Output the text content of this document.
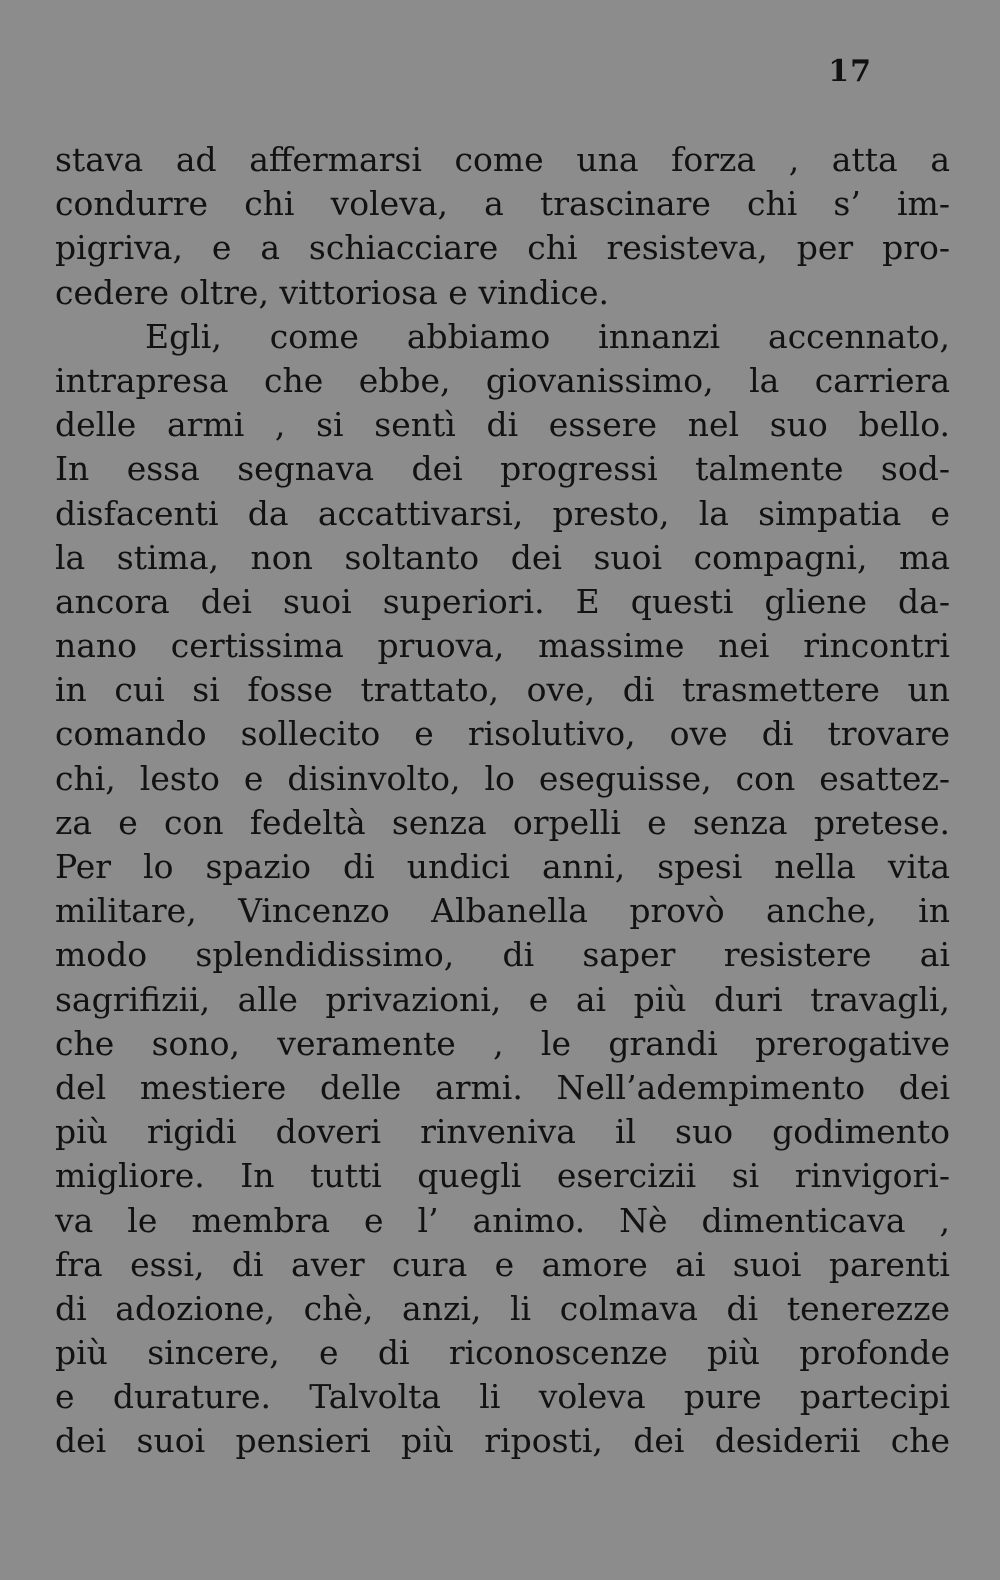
17
stava ad affermarsi come una forza , atta a
condurre chi voleva, a trascinare chi s’ im-
pigriva, e a schiacciare chi resisteva, per pro-
cedere oltre, vittoriosa e vindice.
Egli, come abbiamo innanzi accennato,
intrapresa che ebbe, giovanissimo, la carriera
delle armi , si sentì di essere nel suo bello.
In essa segnava dei progressi talmente sod-
disfacenti da accattivarsi, presto, la simpatia e
la stima, non soltanto dei suoi compagni, ma
ancora dei suoi superiori. E questi gliene da-
nano certissima pruova, massime nei rincontri
in cui si fosse trattato, ove, di trasmettere un
comando sollecito e risolutivo, ove di trovare
chi, lesto e disinvolto, lo eseguisse, con esattez-
za e con fedeltà senza orpelli e senza pretese.
Per lo spazio di undici anni, spesi nella vita
militare, Vincenzo Albanella provò anche, in
modo splendidissimo, di saper resistere ai
sagrifizii, alle privazioni, e ai più duri travagli,
che sono, veramente , le grandi prerogative
del mestiere delle armi. Nell’adempimento dei
più rigidi doveri rinveniva il suo godimento
migliore. In tutti quegli esercizii si rinvigori-
va le membra e l’ animo. Nè dimenticava ,
fra essi, di aver cura e amore ai suoi parenti
di adozione, chè, anzi, li colmava di tenerezze
più sincere, e di riconoscenze più profonde
e durature. Talvolta li voleva pure partecipi
dei suoi pensieri più riposti, dei desiderii che
